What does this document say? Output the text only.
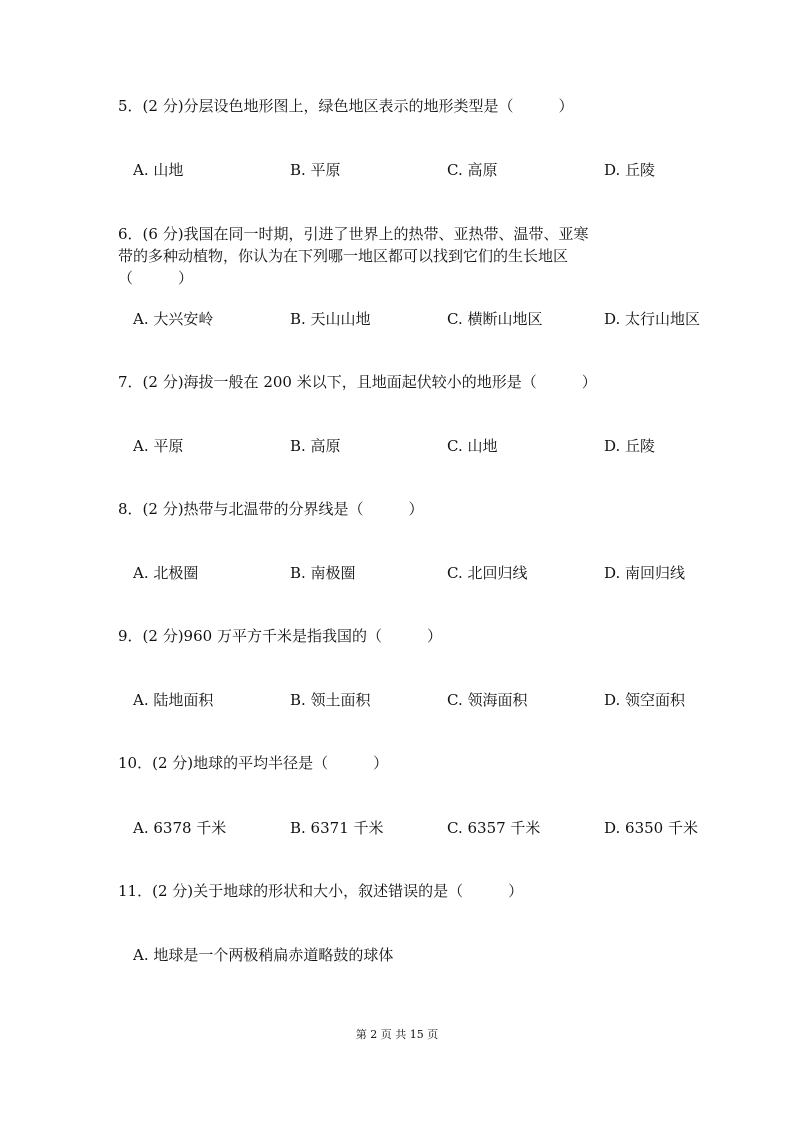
5．(2 分)分层设色地形图上，绿色地区表示的地形类型是（　　　）
A. 山地	B. 平原	C. 高原	D. 丘陵
6．(6 分)我国在同一时期，引进了世界上的热带、亚热带、温带、亚寒带的多种动植物，你认为在下列哪一地区都可以找到它们的生长地区（　　　）
A. 大兴安岭	B. 天山山地	C. 横断山地区	D. 太行山地区
7．(2 分)海拔一般在 200 米以下，且地面起伏较小的地形是（　　　）
A. 平原	B. 高原	C. 山地	D. 丘陵
8．(2 分)热带与北温带的分界线是（　　　）
A. 北极圈	B. 南极圈	C. 北回归线	D. 南回归线
9．(2 分)960 万平方千米是指我国的（　　　）
A. 陆地面积	B. 领土面积	C. 领海面积	D. 领空面积
10．(2 分)地球的平均半径是（　　　）
A. 6378 千米	B. 6371 千米	C. 6357 千米	D. 6350 千米
11．(2 分)关于地球的形状和大小，叙述错误的是（　　　）
A. 地球是一个两极稍扁赤道略鼓的球体
第 2 页 共 15 页
